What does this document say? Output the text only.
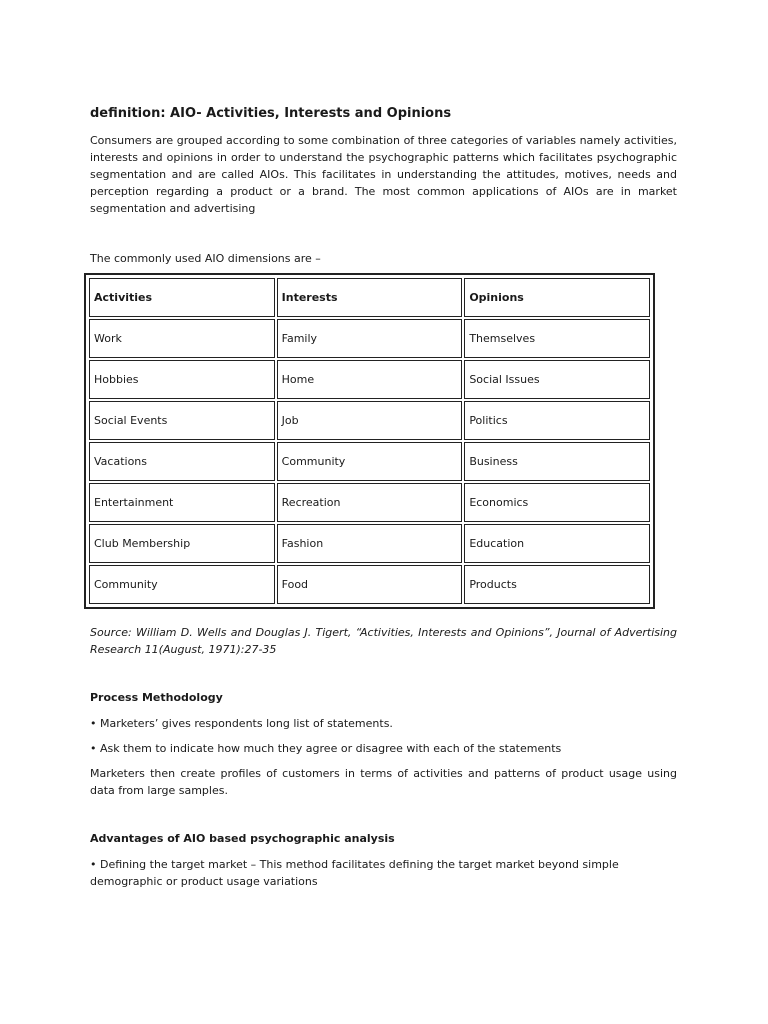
definition: AIO- Activities, Interests and Opinions

Consumers are grouped according to some combination of three categories of variables namely activities, interests and opinions in order to understand the psychographic patterns which facilitates psychographic segmentation and are called AIOs. This facilitates in understanding the attitudes, motives, needs and perception regarding a product or a brand. The most common applications of AIOs are in market segmentation and advertising

The commonly used AIO dimensions are –

Activities	Interests	Opinions
Work	Family	Themselves
Hobbies	Home	Social Issues
Social Events	Job	Politics
Vacations	Community	Business
Entertainment	Recreation	Economics
Club Membership	Fashion	Education
Community	Food	Products

Source: William D. Wells and Douglas J. Tigert, “Activities, Interests and Opinions”, Journal of Advertising Research 11(August, 1971):27-35

Process Methodology

• Marketers’ gives respondents long list of statements.

• Ask them to indicate how much they agree or disagree with each of the statements

Marketers then create profiles of customers in terms of activities and patterns of product usage using data from large samples.

Advantages of AIO based psychographic analysis

• Defining the target market – This method facilitates defining the target market beyond simple demographic or product usage variations
